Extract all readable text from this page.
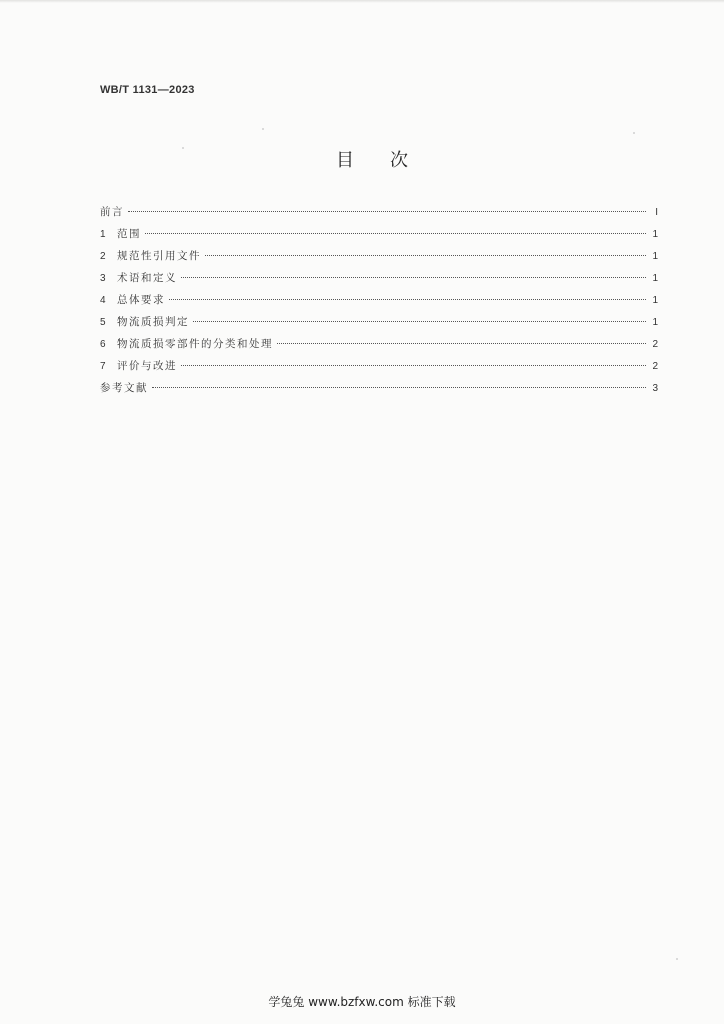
WB/T 1131—2023
目次
前言	I
1	范围	1
2	规范性引用文件	1
3	术语和定义	1
4	总体要求	1
5	物流质损判定	1
6	物流质损零部件的分类和处理	2
7	评价与改进	2
参考文献	3
学兔兔 www.bzfxw.com 标准下载
